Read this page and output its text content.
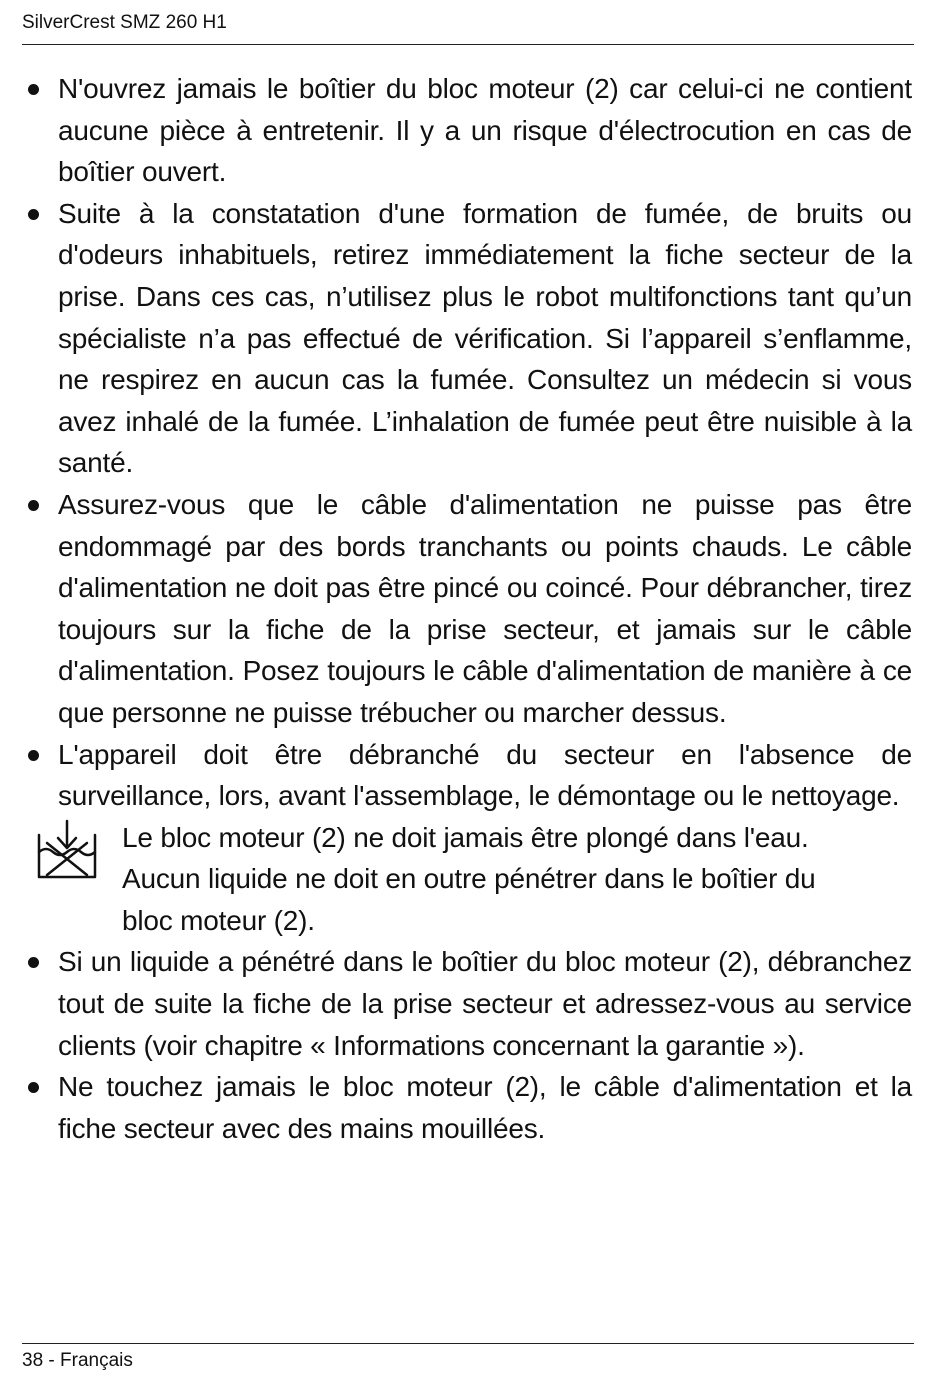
SilverCrest SMZ 260 H1
N'ouvrez jamais le boîtier du bloc moteur (2) car celui-ci ne contient aucune pièce à entretenir. Il y a un risque d'électrocution en cas de boîtier ouvert.
Suite à la constatation d'une formation de fumée, de bruits ou d'odeurs inhabituels, retirez immédiatement la fiche secteur de la prise. Dans ces cas, n’utilisez plus le robot multifonctions tant qu’un spécialiste n’a pas effectué de vérification. Si l’appareil s’enflamme, ne respirez en aucun cas la fumée. Consultez un médecin si vous avez inhalé de la fumée. L’inhalation de fumée peut être nuisible à la santé.
Assurez-vous que le câble d'alimentation ne puisse pas être endommagé par des bords tranchants ou points chauds. Le câble d'alimentation ne doit pas être pincé ou coincé. Pour débrancher, tirez toujours sur la fiche de la prise secteur, et jamais sur le câble d'alimentation. Posez toujours le câble d'alimentation de manière à ce que personne ne puisse trébucher ou marcher dessus.
L'appareil doit être débranché du secteur en l'absence de surveillance, lors, avant l'assemblage, le démontage ou le nettoyage.
Le bloc moteur (2) ne doit jamais être plongé dans l'eau.
Aucun liquide ne doit en outre pénétrer dans le boîtier du
bloc moteur (2).
Si un liquide a pénétré dans le boîtier du bloc moteur (2), débranchez tout de suite la fiche de la prise secteur et adressez-vous au service clients (voir chapitre « Informations concernant la garantie »).
Ne touchez jamais le bloc moteur (2), le câble d'alimentation et la fiche secteur avec des mains mouillées.
38 - Français
